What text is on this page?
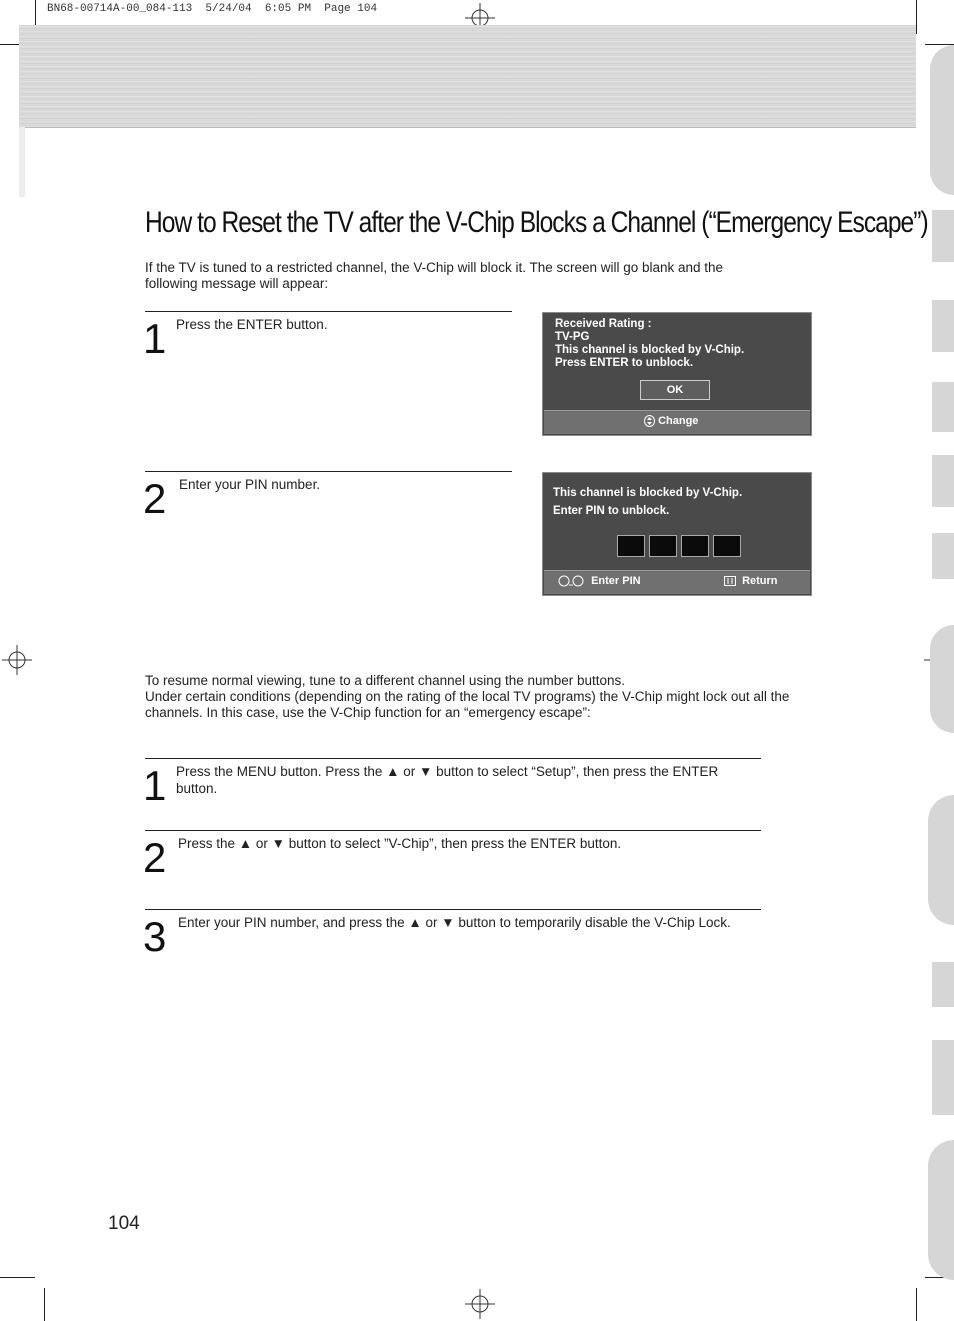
BN68-00714A-00_084-113  5/24/04  6:05 PM  Page 104
How to Reset the TV after the V-Chip Blocks a Channel (“Emergency Escape”)
If the TV is tuned to a restricted channel, the V-Chip will block it. The screen will go blank and the following message will appear:
1 Press the ENTER button.	Received Rating :
TV-PG
This channel is blocked by V-Chip.
Press ENTER to unblock.
OK
Change
2 Enter your PIN number.
This channel is blocked by V-Chip.
Enter PIN to unblock.
Enter PIN	Return
To resume normal viewing, tune to a different channel using the number buttons.
Under certain conditions (depending on the rating of the local TV programs) the V-Chip might lock out all the channels. In this case, use the V-Chip function for an “emergency escape”:
1 Press the MENU button. Press the ▲ or ▼ button to select “Setup”, then press the ENTER button.
2 Press the ▲ or ▼ button to select ”V-Chip”, then press the ENTER button.
3 Enter your PIN number, and press the ▲ or ▼ button to temporarily disable the V-Chip Lock.
104
